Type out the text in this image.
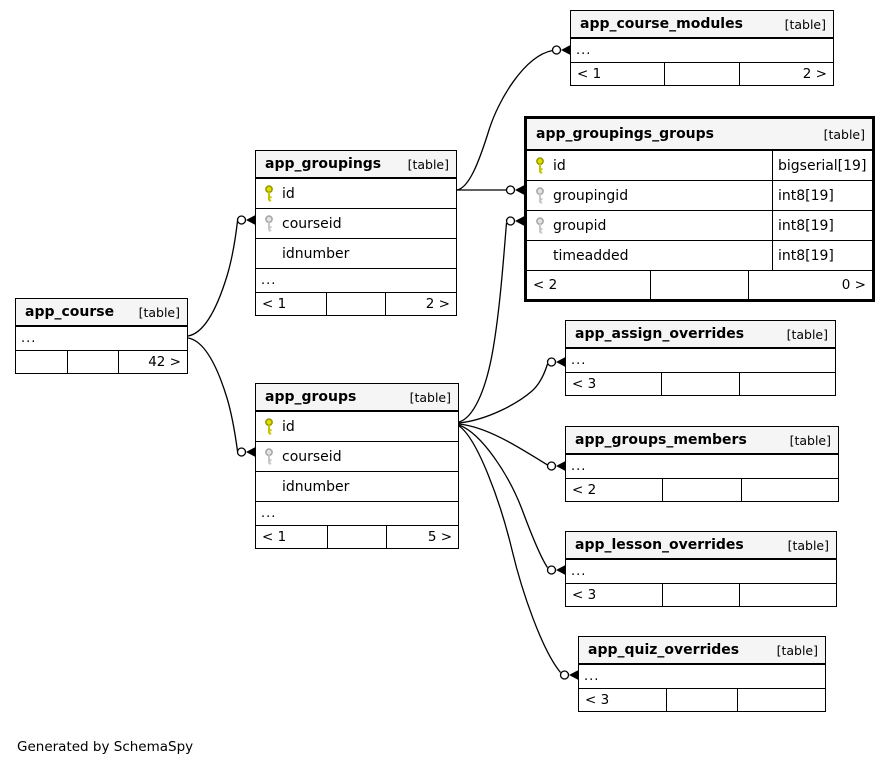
app_course_modules	[table]
...
< 1	2 >
app_groupings_groups	[table]
id	bigserial[19]
groupingid	int8[19]
groupid	int8[19]
timeadded	int8[19]
< 2	0 >
app_groupings [table]
id
courseid
idnumber
...
< 1	2 >
app_course [table]
...
42 >
app_assign_overrides	[table]
...
< 3
app_groups	[table]
id
courseid
idnumber
...
< 1	5 >
app_groups_members	[table]
...
< 2
app_lesson_overrides	[table]
...
< 3
app_quiz_overrides	[table]
...
< 3
Generated by SchemaSpy
